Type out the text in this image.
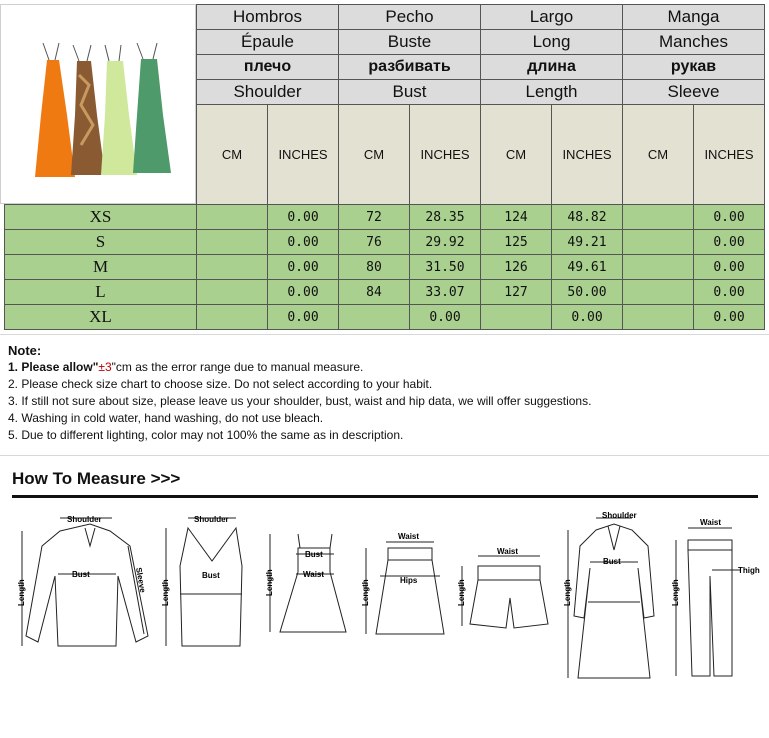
Hombros		Pecho		Largo		Manga	
Épaule		Buste		Long		Manches	
плечо		разбивать		длина		рукав	
Shoulder		Bust		Length		Sleeve	
CM	INCHES	CM	INCHES	CM	INCHES	CM	INCHES
XS		0.00	72	28.35	124	48.82		0.00
S		0.00	76	29.92	125	49.21		0.00
M		0.00	80	31.50	126	49.61		0.00
L		0.00	84	33.07	127	50.00		0.00
XL		0.00		0.00		0.00		0.00
Note:
1. Please allow"±3"cm as the error range due to manual measure.
2. Please check size chart to choose size. Do not select according to your habit.
3. If still not sure about size, please leave us your shoulder, bust, waist and hip data, we will offer suggestions.
4. Washing in cold water, hand washing, do not use bleach.
5. Due to different lighting, color may not 100% the same as in description.
How To Measure >>>
Shoulder
Bust
Length	Sleeve
Shoulder
Bust
Length
Bust
Waist
Length
Waist
Hips
Length
Waist
Length
Shoulder
Bust
Length
Waist
Thigh
Length
